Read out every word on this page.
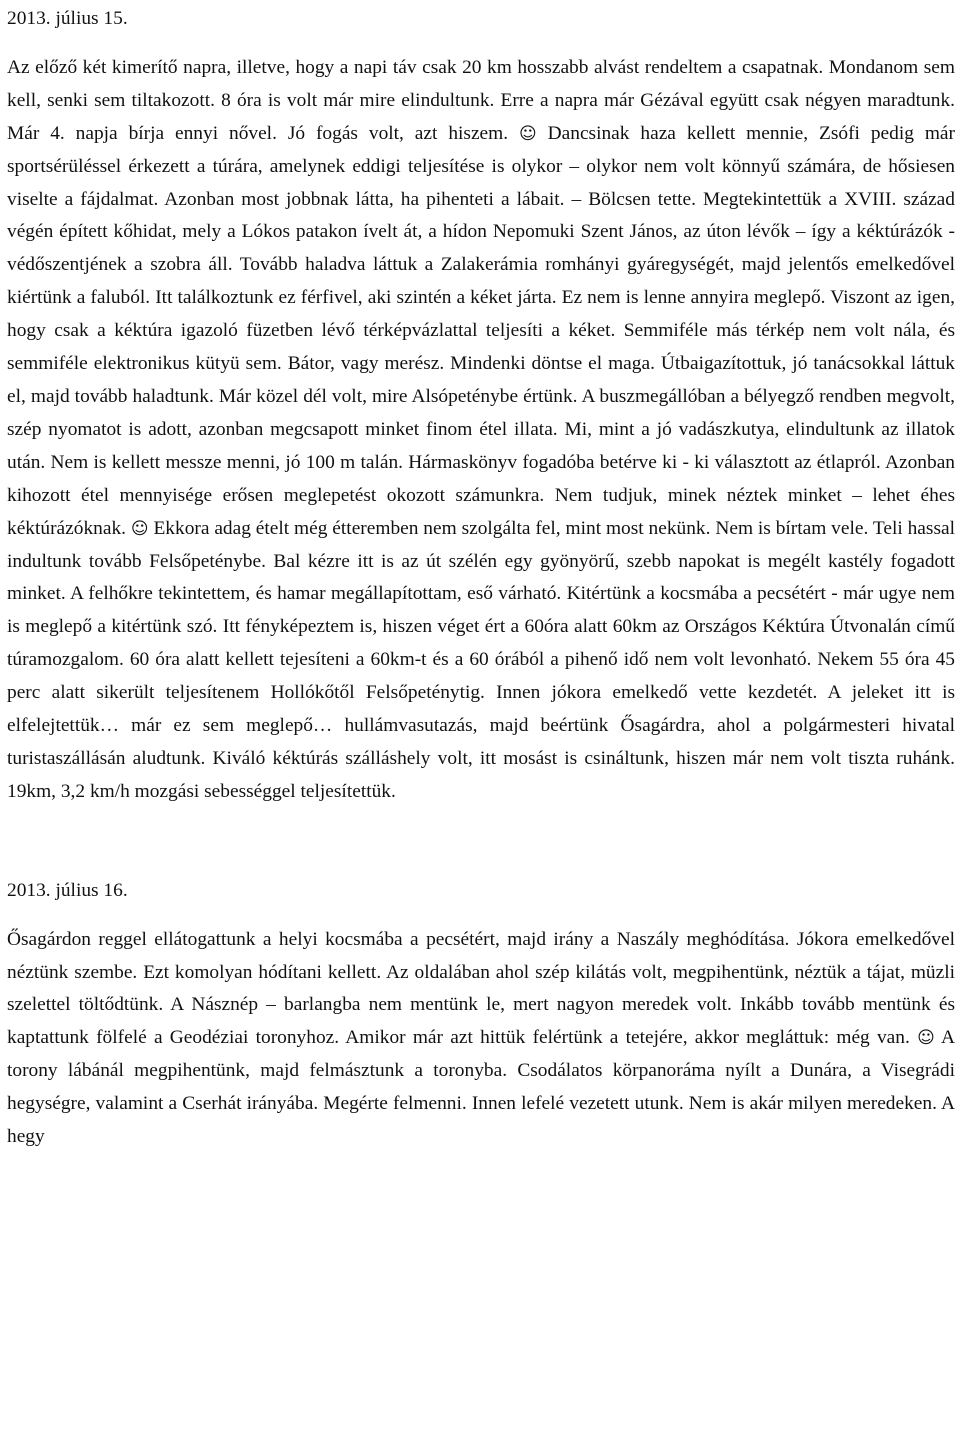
2013. július 15.

Az előző két kimerítő napra, illetve, hogy a napi táv csak 20 km hosszabb alvást rendeltem a csapatnak. Mondanom sem kell, senki sem tiltakozott. 8 óra is volt már mire elindultunk. Erre a napra már Gézával együtt csak négyen maradtunk. Már 4. napja bírja ennyi nővel. Jó fogás volt, azt hiszem. ☺ Dancsinak haza kellett mennie, Zsófi pedig már sportsérüléssel érkezett a túrára, amelynek eddigi teljesítése is olykor – olykor nem volt könnyű számára, de hősiesen viselte a fájdalmat. Azonban most jobbnak látta, ha pihenteti a lábait. – Bölcsen tette. Megtekintettük a XVIII. század végén épített kőhidat, mely a Lókos patakon ívelt át, a hídon Nepomuki Szent János, az úton lévők – így a kéktúrázók - védőszentjének a szobra áll. Tovább haladva láttuk a Zalakerámia romhányi gyáregységét, majd jelentős emelkedővel kiértünk a faluból. Itt találkoztunk ez férfivel, aki szintén a kéket járta. Ez nem is lenne annyira meglepő. Viszont az igen, hogy csak a kéktúra igazoló füzetben lévő térképvázlattal teljesíti a kéket. Semmiféle más térkép nem volt nála, és semmiféle elektronikus kütyü sem. Bátor, vagy merész. Mindenki döntse el maga. Útbaigazítottuk, jó tanácsokkal láttuk el, majd tovább haladtunk. Már közel dél volt, mire Alsópeténybe értünk. A buszmegállóban a bélyegző rendben megvolt, szép nyomatot is adott, azonban megcsapott minket finom étel illata. Mi, mint a jó vadászkutya, elindultunk az illatok után. Nem is kellett messze menni, jó 100 m talán. Hármaskönyv fogadóba betérve ki - ki választott az étlapról. Azonban kihozott étel mennyisége erősen meglepetést okozott számunkra. Nem tudjuk, minek néztek minket – lehet éhes kéktúrázóknak. ☺ Ekkora adag ételt még étteremben nem szolgálta fel, mint most nekünk. Nem is bírtam vele. Teli hassal indultunk tovább Felsőpeténybe. Bal kézre itt is az út szélén egy gyönyörű, szebb napokat is megélt kastély fogadott minket. A felhőkre tekintettem, és hamar megállapítottam, eső várható. Kitértünk a kocsmába a pecsétért - már ugye nem is meglepő a kitértünk szó. Itt fényképeztem is, hiszen véget ért a 60óra alatt 60km az Országos Kéktúra Útvonalán című túramozgalom. 60 óra alatt kellett tejesíteni a 60km-t és a 60 órából a pihenő idő nem volt levonható. Nekem 55 óra 45 perc alatt sikerült teljesítenem Hollókőtől Felsőpeténytig. Innen jókora emelkedő vette kezdetét. A jeleket itt is elfelejtettük… már ez sem meglepő… hullámvasutazás, majd beértünk Ősagárdra, ahol a polgármesteri hivatal turistaszállásán aludtunk. Kiváló kéktúrás szálláshely volt, itt mosást is csináltunk, hiszen már nem volt tiszta ruhánk. 19km, 3,2 km/h mozgási sebességgel teljesítettük.

2013. július 16.

Ősagárdon reggel ellátogattunk a helyi kocsmába a pecsétért, majd irány a Naszály meghódítása. Jókora emelkedővel néztünk szembe. Ezt komolyan hódítani kellett. Az oldalában ahol szép kilátás volt, megpihentünk, néztük a tájat, müzli szelettel töltődtünk. A Násznép – barlangba nem mentünk le, mert nagyon meredek volt. Inkább tovább mentünk és kaptattunk fölfelé a Geodéziai toronyhoz. Amikor már azt hittük felértünk a tetejére, akkor megláttuk: még van. ☺ A torony lábánál megpihentünk, majd felmásztunk a toronyba. Csodálatos körpanoráma nyílt a Dunára, a Visegrádi hegységre, valamint a Cserhát irányába. Megérte felmenni. Innen lefelé vezetett utunk. Nem is akár milyen meredeken. A hegy
